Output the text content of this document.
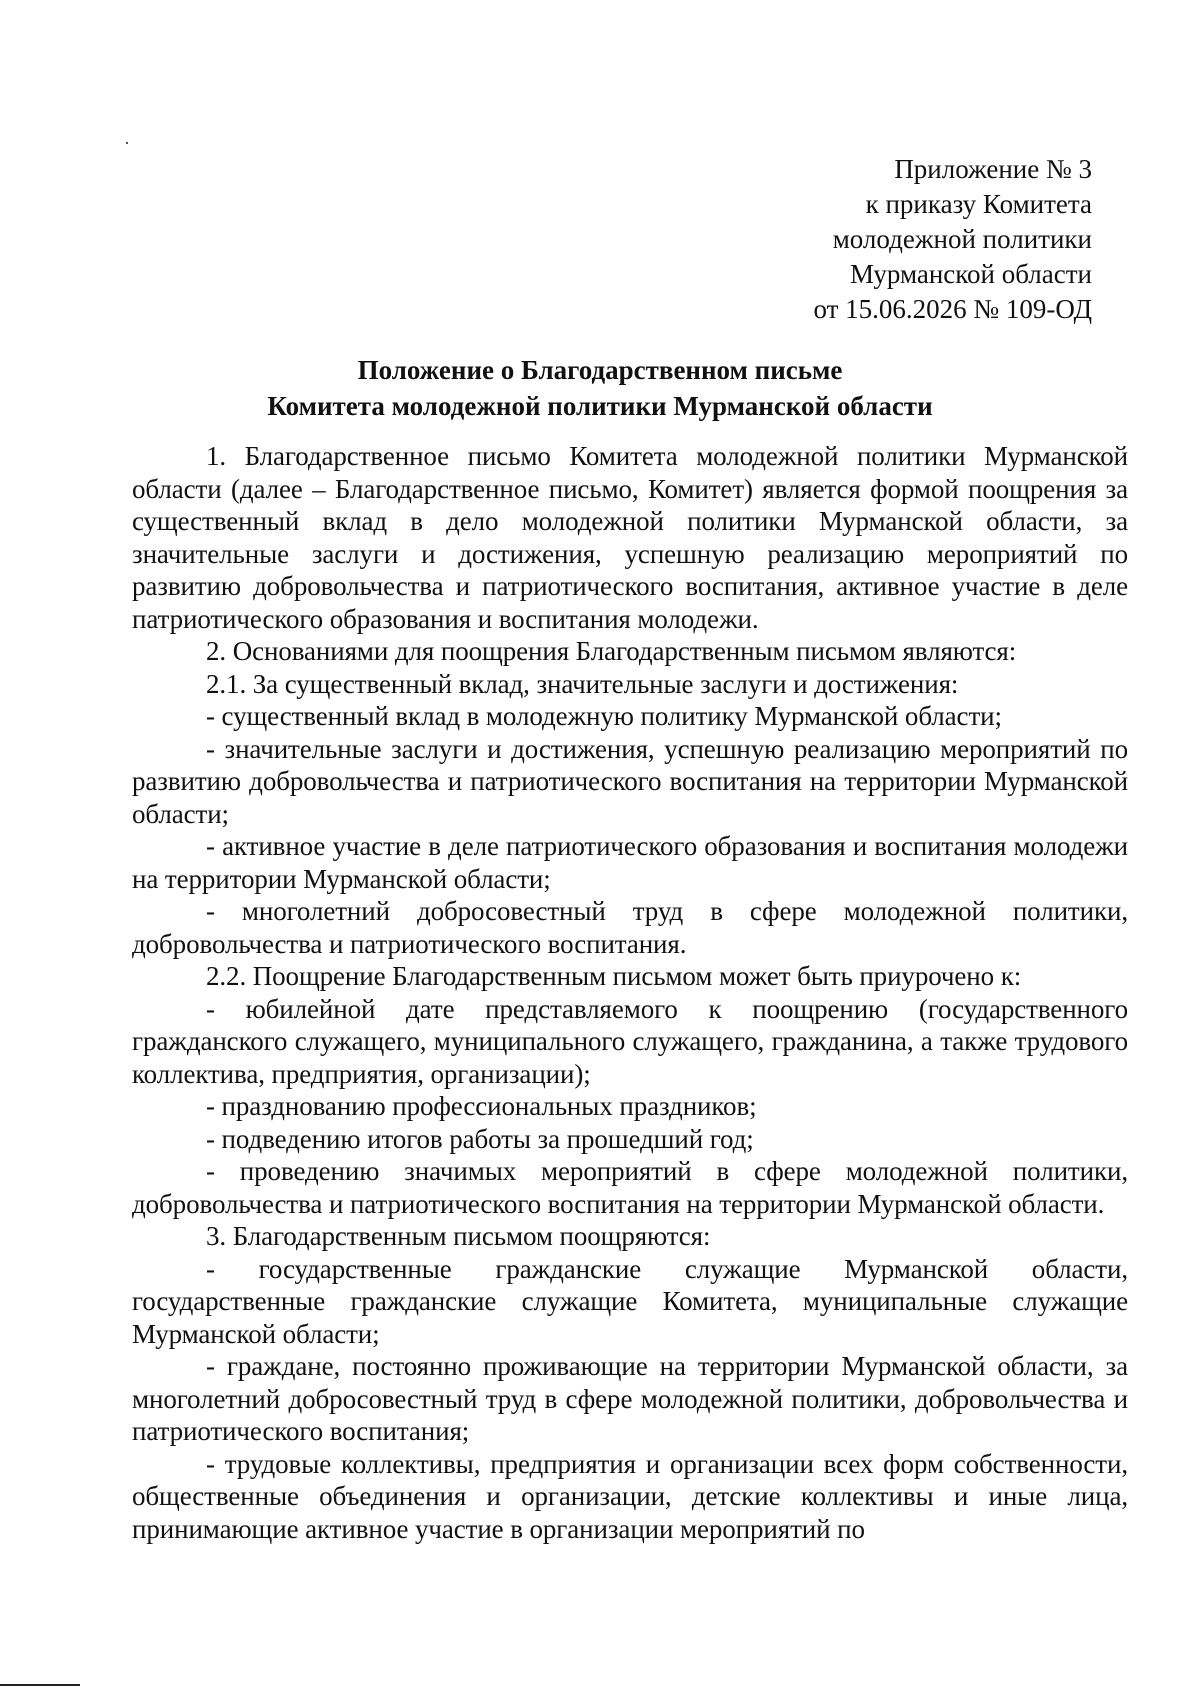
Приложение № 3
к приказу Комитета
молодежной политики
Мурманской области
от 15.06.2026 № 109-ОД
Положение о Благодарственном письме
Комитета молодежной политики Мурманской области

1. Благодарственное письмо Комитета молодежной политики Мурманской области (далее – Благодарственное письмо, Комитет) является формой поощрения за существенный вклад в дело молодежной политики Мурманской области, за значительные заслуги и достижения, успешную реализацию мероприятий по развитию добровольчества и патриотического воспитания, активное участие в деле патриотического образования и воспитания молодежи.

2. Основаниями для поощрения Благодарственным письмом являются:

2.1. За существенный вклад, значительные заслуги и достижения:

- существенный вклад в молодежную политику Мурманской области;

- значительные заслуги и достижения, успешную реализацию мероприятий по развитию добровольчества и патриотического воспитания на территории Мурманской области;

- активное участие в деле патриотического образования и воспитания молодежи на территории Мурманской области;

- многолетний добросовестный труд в сфере молодежной политики, добровольчества и патриотического воспитания.

2.2. Поощрение Благодарственным письмом может быть приурочено к:

- юбилейной дате представляемого к поощрению (государственного гражданского служащего, муниципального служащего, гражданина, а также трудового коллектива, предприятия, организации);

- празднованию профессиональных праздников;

- подведению итогов работы за прошедший год;

- проведению значимых мероприятий в сфере молодежной политики, добровольчества и патриотического воспитания на территории Мурманской области.

3. Благодарственным письмом поощряются:

- государственные гражданские служащие Мурманской области, государственные гражданские служащие Комитета, муниципальные служащие Мурманской области;

- граждане, постоянно проживающие на территории Мурманской области, за многолетний добросовестный труд в сфере молодежной политики, добровольчества и патриотического воспитания;

- трудовые коллективы, предприятия и организации всех форм собственности, общественные объединения и организации, детские коллективы и иные лица, принимающие активное участие в организации мероприятий по
